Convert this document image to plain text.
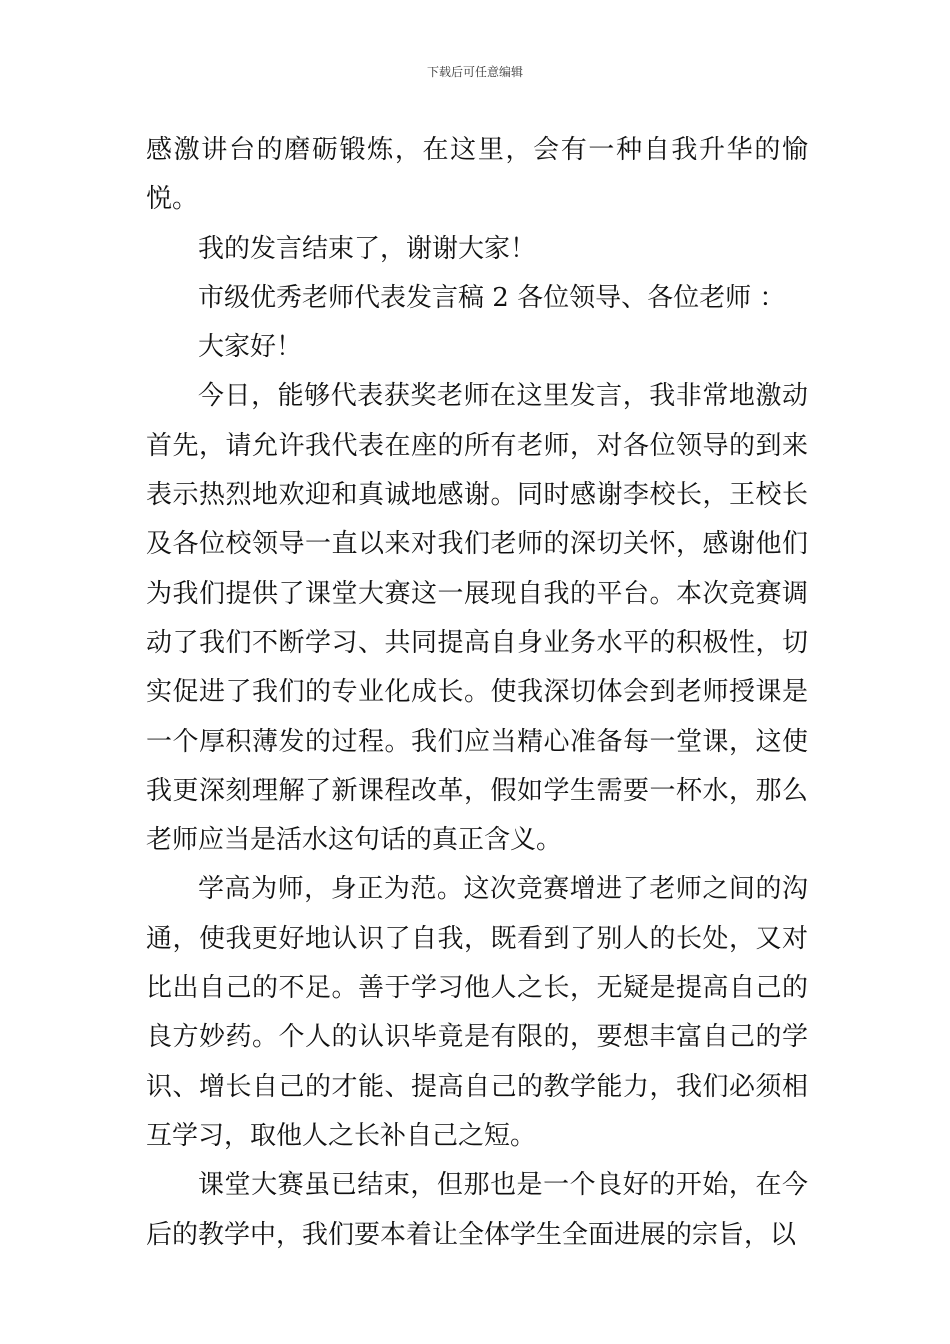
下载后可任意编辑

感激讲台的磨砺锻炼，在这里，会有一种自我升华的愉悦。

我的发言结束了，谢谢大家！

市级优秀老师代表发言稿 2 各位领导、各位老师 ：

大家好！

今日，能够代表获奖老师在这里发言，我非常地激动首先，请允许我代表在座的所有老师，对各位领导的到来表示热烈地欢迎和真诚地感谢。同时感谢李校长，王校长及各位校领导一直以来对我们老师的深切关怀，感谢他们为我们提供了课堂大赛这一展现自我的平台。本次竞赛调动了我们不断学习、共同提高自身业务水平的积极性，切实促进了我们的专业化成长。使我深切体会到老师授课是一个厚积薄发的过程。我们应当精心准备每一堂课，这使我更深刻理解了新课程改革，假如学生需要一杯水，那么老师应当是活水这句话的真正含义。

学高为师，身正为范。这次竞赛增进了老师之间的沟通，使我更好地认识了自我，既看到了别人的长处，又对比出自己的不足。善于学习他人之长，无疑是提高自己的良方妙药。个人的认识毕竟是有限的，要想丰富自己的学识、增长自己的才能、提高自己的教学能力，我们必须相互学习，取他人之长补自己之短。

课堂大赛虽已结束，但那也是一个良好的开始，在今后的教学中，我们要本着让全体学生全面进展的宗旨，以
